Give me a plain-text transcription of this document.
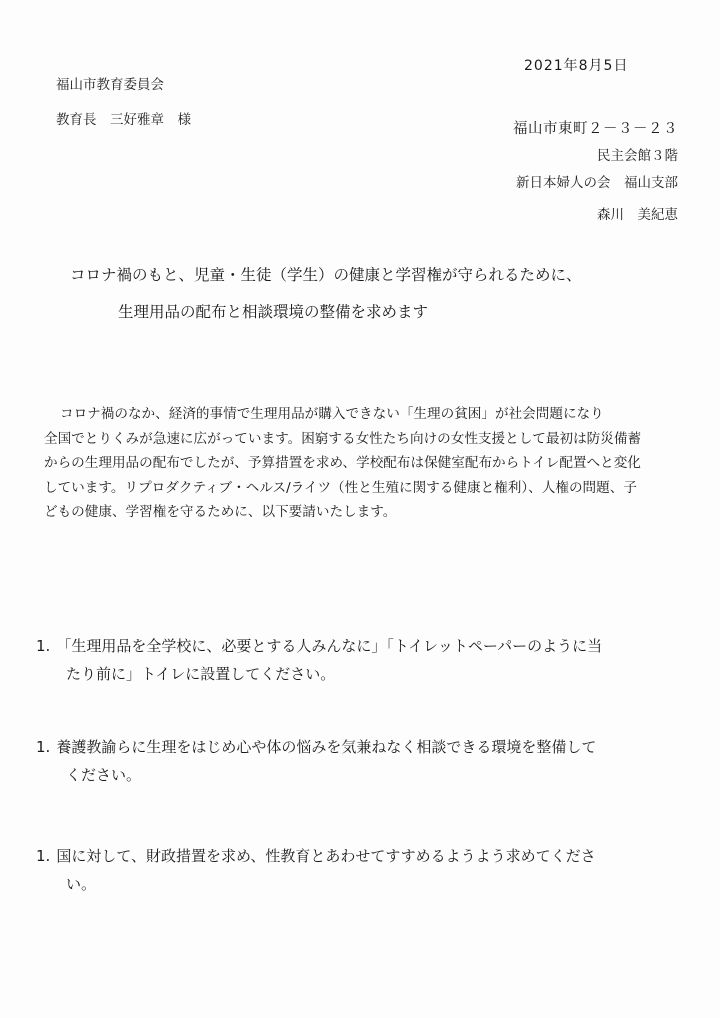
2021年8月5日
福山市教育委員会
教育長　三好雅章　様
福山市東町２－３－２３
民主会館３階
新日本婦人の会　福山支部
森川　美紀恵
コロナ禍のもと、児童・生徒（学生）の健康と学習権が守られるために、
生理用品の配布と相談環境の整備を求めます
コロナ禍のなか、経済的事情で生理用品が購入できない「生理の貧困」が社会問題になり
全国でとりくみが急速に広がっています。困窮する女性たち向けの女性支援として最初は防災備蓄
からの生理用品の配布でしたが、予算措置を求め、学校配布は保健室配布からトイレ配置へと変化
しています。リプロダクティブ・ヘルス/ライツ（性と生殖に関する健康と権利）、人権の問題、子
どもの健康、学習権を守るために、以下要請いたします。
1. 「生理用品を全学校に、必要とする人みんなに」「トイレットペーパーのように当
たり前に」トイレに設置してください。
1. 養護教諭らに生理をはじめ心や体の悩みを気兼ねなく相談できる環境を整備して
ください。
1. 国に対して、財政措置を求め、性教育とあわせてすすめるようよう求めてくださ
い。
